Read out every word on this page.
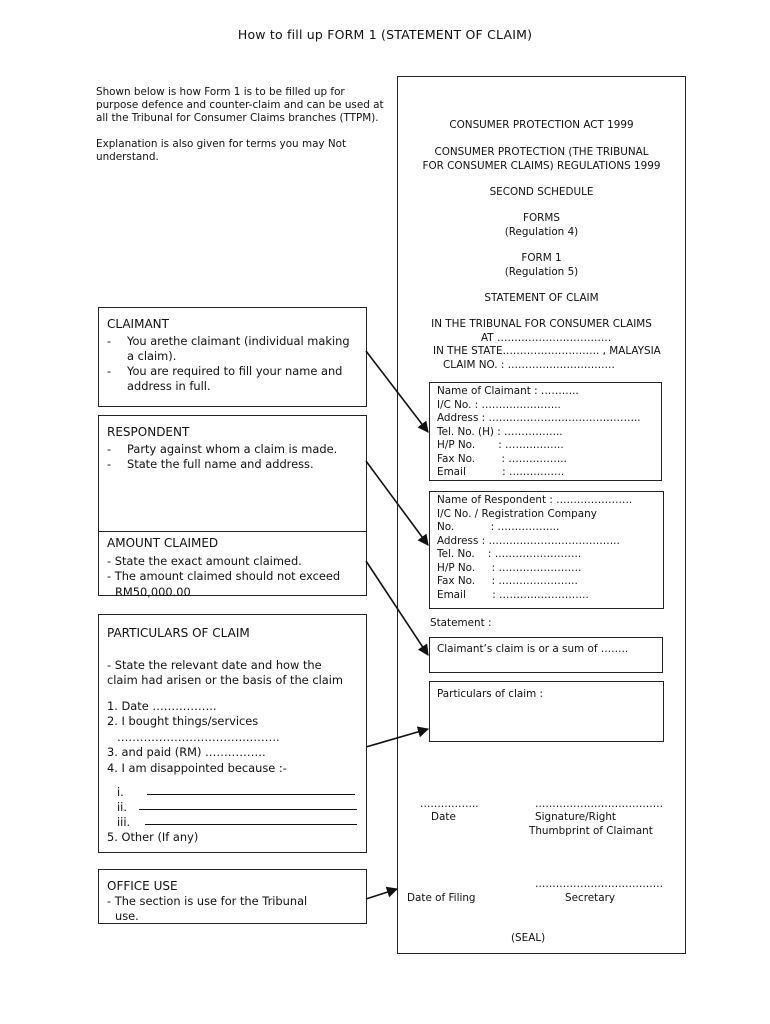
How to fill up FORM 1 (STATEMENT OF CLAIM)

Shown below is how Form 1 is to be filled up for purpose defence and counter-claim and can be used at all the Tribunal for Consumer Claims branches (TTPM).

Explanation is also given for terms you may Not understand.

CLAIMANT
- You arethe claimant (individual making a claim).
- You are required to fill your name and address in full.
RESPONDENT
- Party against whom a claim is made.
- State the full name and address.
AMOUNT CLAIMED
- State the exact amount claimed.
- The amount claimed should not exceed
RM50,000.00
PARTICULARS OF CLAIM
- State the relevant date and how the
claim had arisen or the basis of the claim
1. Date ……………..
2. I bought things/services
……………………………..……..
3. and paid (RM) …………….
4. I am disappointed because :-
i.
ii.
iii.
5. Other (If any)
OFFICE USE
- The section is use for the Tribunal
use.
CONSUMER PROTECTION ACT 1999
CONSUMER PROTECTION (THE TRIBUNAL
FOR CONSUMER CLAIMS) REGULATIONS 1999
SECOND SCHEDULE
FORMS
(Regulation 4)
FORM 1
(Regulation 5)
STATEMENT OF CLAIM
IN THE TRIBUNAL FOR CONSUMER CLAIMS
AT ……………………………
IN THE STATE………………………. , MALAYSIA
CLAIM NO. : ……………………….…
Name of Claimant : ………..
I/C No. : …………………..
Address : ……………………………………..
Tel. No. (H) : ……………..
H/P No.       : ……………..
Fax No.        : ……………..
Email           : …………….
Name of Respondent : ………………….
I/C No. / Registration Company
No.           : ……………...
Address : ………………………………..
Tel. No.    : …………………….
H/P No.     : ……………………
Fax No.     : …………………..
Email        : ……………………..
Statement :
Claimant’s claim is or a sum of ……..
Particulars of claim :
……………..
Date
……………………………….
Signature/Right
Thumbprint of Claimant
……………………………….
Date of Filing	Secretary
(SEAL)
